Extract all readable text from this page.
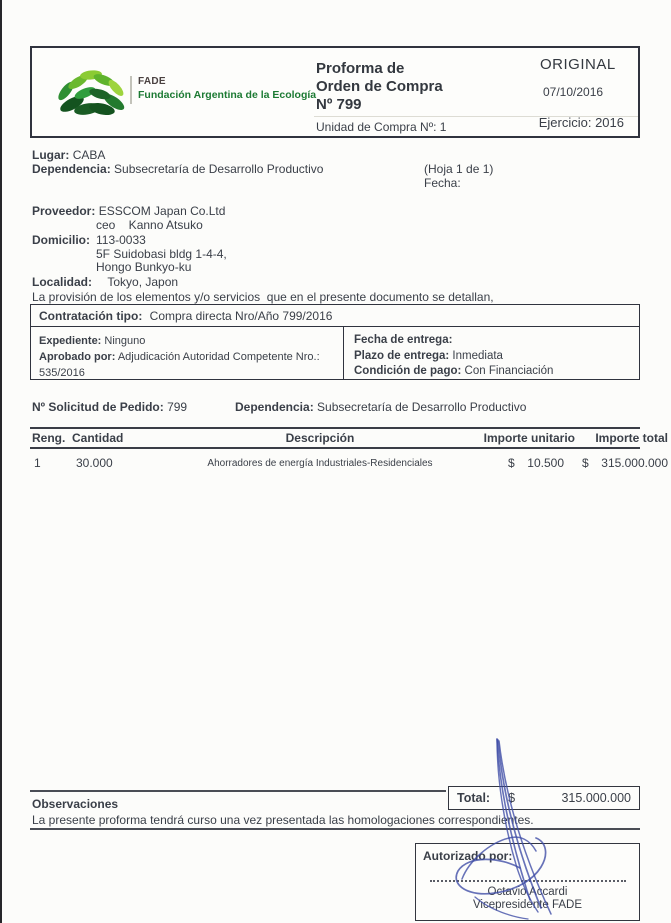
FADE
Fundación Argentina de la Ecología
Proforma de
Orden de Compra
Nº 799
Unidad de Compra Nº: 1
ORIGINAL
07/10/2016
Ejercicio: 2016
Lugar: CABA
Dependencia: Subsecretaría de Desarrollo Productivo	(Hoja 1 de 1)
Fecha:
Proveedor: ESSCOM Japan Co.Ltd
ceo    Kanno Atsuko
Domicilio: 113-0033
5F Suidobasi bldg 1-4-4,
Hongo Bunkyo-ku
Localidad: Tokyo, Japon
La provisión de los elementos y/o servicios  que en el presente documento se detallan,
Contratación tipo: Compra directa Nro/Año 799/2016
Expediente: Ninguno
Aprobado por: Adjudicación Autoridad Competente Nro.: 535/2016
Fecha de entrega:
Plazo de entrega: Inmediata
Condición de pago: Con Financiación
Nº Solicitud de Pedido: 799	Dependencia: Subsecretaría de Desarrollo Productivo
Reng. Cantidad	Descripción	Importe unitario	Importe total
1	30.000	Ahorradores de energía Industriales-Residenciales	$ 10.500 $ 315.000.000
Total: $	315.000.000
Observaciones
La presente proforma tendrá curso una vez presentada las homologaciones correspondientes.
Autorizado por:
Octavio Accardi
Vicepresidente FADE
